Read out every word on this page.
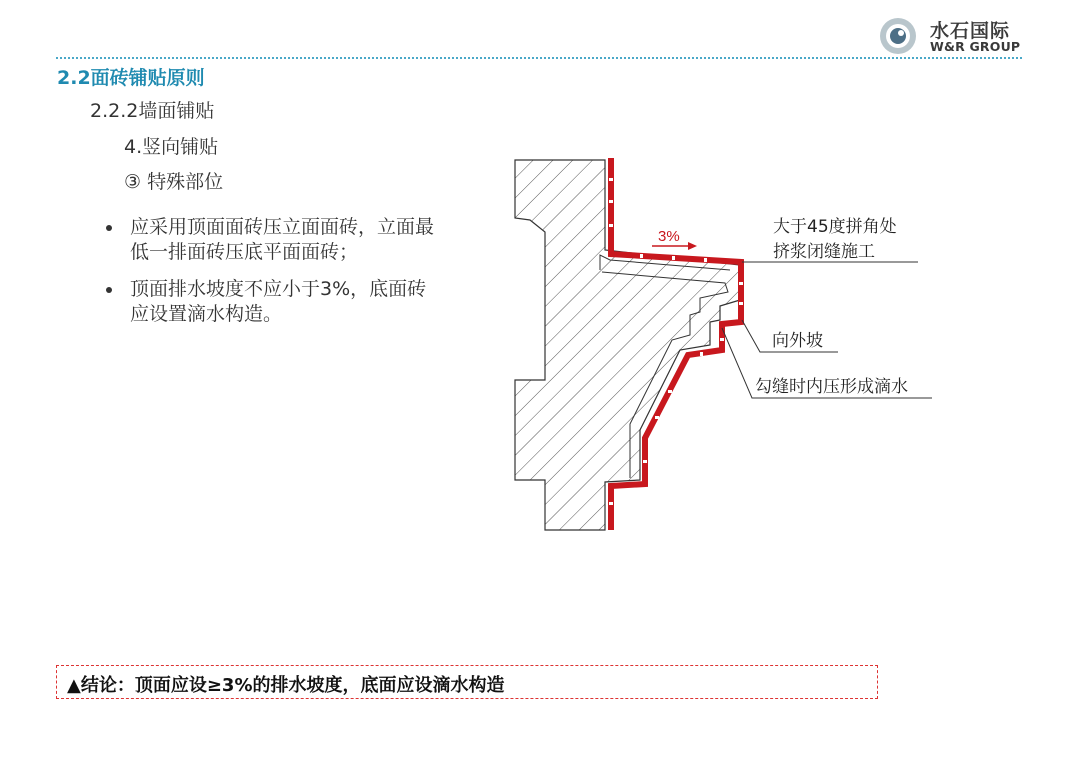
水石国际
W&R GROUP
2.2面砖铺贴原则
2.2.2墙面铺贴
4.竖向铺贴
③ 特殊部位
应采用顶面面砖压立面面砖，立面最低一排面砖压底平面面砖；
顶面排水坡度不应小于3%，底面砖应设置滴水构造。
3%	大于45度拼角处
挤浆闭缝施工
向外坡
勾缝时内压形成滴水
▲结论：顶面应设≥3%的排水坡度，底面应设滴水构造
